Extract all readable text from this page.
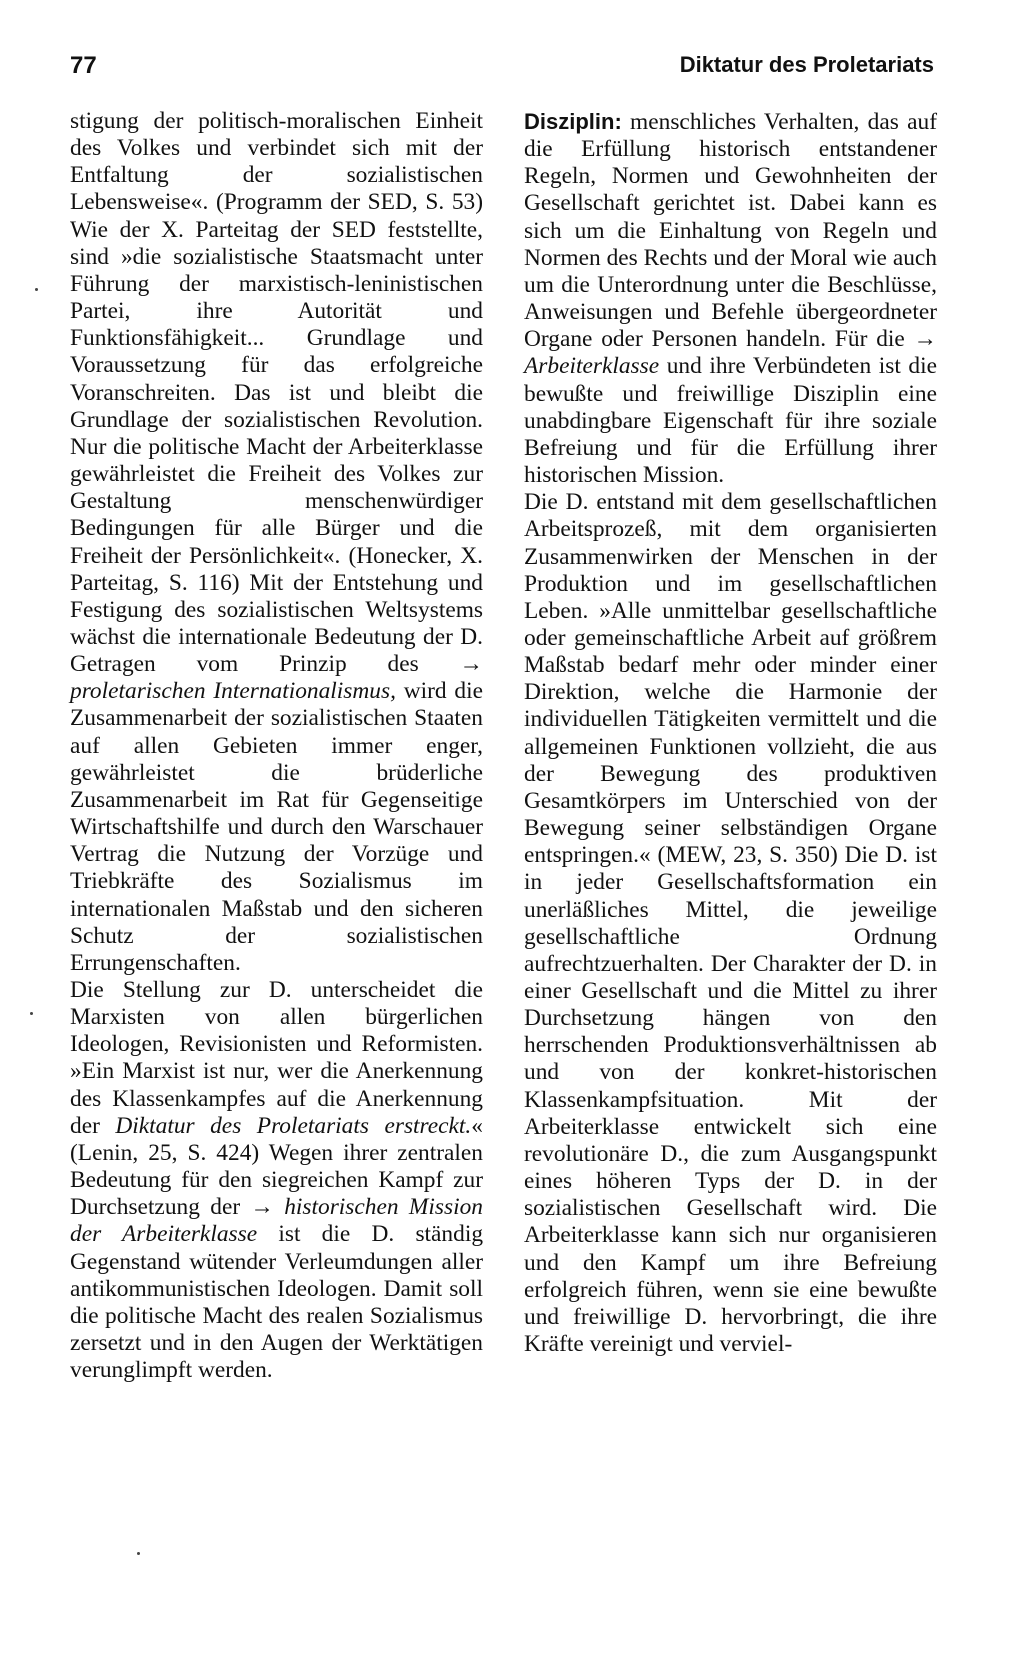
77	Diktatur des Proletariats

stigung der politisch-moralischen Einheit des Volkes und verbindet sich mit der Entfaltung der sozialistischen Lebensweise«. (Programm der SED, S. 53) Wie der X. Parteitag der SED feststellte, sind »die sozialistische Staatsmacht unter Führung der marxistisch-leninistischen Partei, ihre Autorität und Funktionsfähigkeit... Grundlage und Voraussetzung für das erfolgreiche Voranschreiten. Das ist und bleibt die Grundlage der sozialistischen Revolution. Nur die politische Macht der Arbeiterklasse gewährleistet die Freiheit des Volkes zur Gestaltung menschenwürdiger Bedingungen für alle Bürger und die Freiheit der Persönlichkeit«. (Honecker, X. Parteitag, S. 116) Mit der Entstehung und Festigung des sozialistischen Weltsystems wächst die internationale Bedeutung der D. Getragen vom Prinzip des → proletarischen Internationalismus, wird die Zusammenarbeit der sozialistischen Staaten auf allen Gebieten immer enger, gewährleistet die brüderliche Zusammenarbeit im Rat für Gegenseitige Wirtschaftshilfe und durch den Warschauer Vertrag die Nutzung der Vorzüge und Triebkräfte des Sozialismus im internationalen Maßstab und den sicheren Schutz der sozialistischen Errungenschaften.

Die Stellung zur D. unterscheidet die Marxisten von allen bürgerlichen Ideologen, Revisionisten und Reformisten. »Ein Marxist ist nur, wer die Anerkennung des Klassenkampfes auf die Anerkennung der Diktatur des Proletariats erstreckt.« (Lenin, 25, S. 424) Wegen ihrer zentralen Bedeutung für den siegreichen Kampf zur Durchsetzung der → historischen Mission der Arbeiterklasse ist die D. ständig Gegenstand wütender Verleumdungen aller antikommunistischen Ideologen. Damit soll die politische Macht des realen Sozialismus zersetzt und in den Augen der Werktätigen verunglimpft werden.

Disziplin: menschliches Verhalten, das auf die Erfüllung historisch entstandener Regeln, Normen und Gewohnheiten der Gesellschaft gerichtet ist. Dabei kann es sich um die Einhaltung von Regeln und Normen des Rechts und der Moral wie auch um die Unterordnung unter die Beschlüsse, Anweisungen und Befehle übergeordneter Organe oder Personen handeln. Für die → Arbeiterklasse und ihre Verbündeten ist die bewußte und freiwillige Disziplin eine unabdingbare Eigenschaft für ihre soziale Befreiung und für die Erfüllung ihrer historischen Mission.

Die D. entstand mit dem gesellschaftlichen Arbeitsprozeß, mit dem organisierten Zusammenwirken der Menschen in der Produktion und im gesellschaftlichen Leben. »Alle unmittelbar gesellschaftliche oder gemeinschaftliche Arbeit auf größrem Maßstab bedarf mehr oder minder einer Direktion, welche die Harmonie der individuellen Tätigkeiten vermittelt und die allgemeinen Funktionen vollzieht, die aus der Bewegung des produktiven Gesamtkörpers im Unterschied von der Bewegung seiner selbständigen Organe entspringen.« (MEW, 23, S. 350) Die D. ist in jeder Gesellschaftsformation ein unerläßliches Mittel, die jeweilige gesellschaftliche Ordnung aufrechtzuerhalten. Der Charakter der D. in einer Gesellschaft und die Mittel zu ihrer Durchsetzung hängen von den herrschenden Produktionsverhältnissen ab und von der konkret-historischen Klassenkampfsituation. Mit der Arbeiterklasse entwickelt sich eine revolutionäre D., die zum Ausgangspunkt eines höheren Typs der D. in der sozialistischen Gesellschaft wird. Die Arbeiterklasse kann sich nur organisieren und den Kampf um ihre Befreiung erfolgreich führen, wenn sie eine bewußte und freiwillige D. hervorbringt, die ihre Kräfte vereinigt und verviel-
